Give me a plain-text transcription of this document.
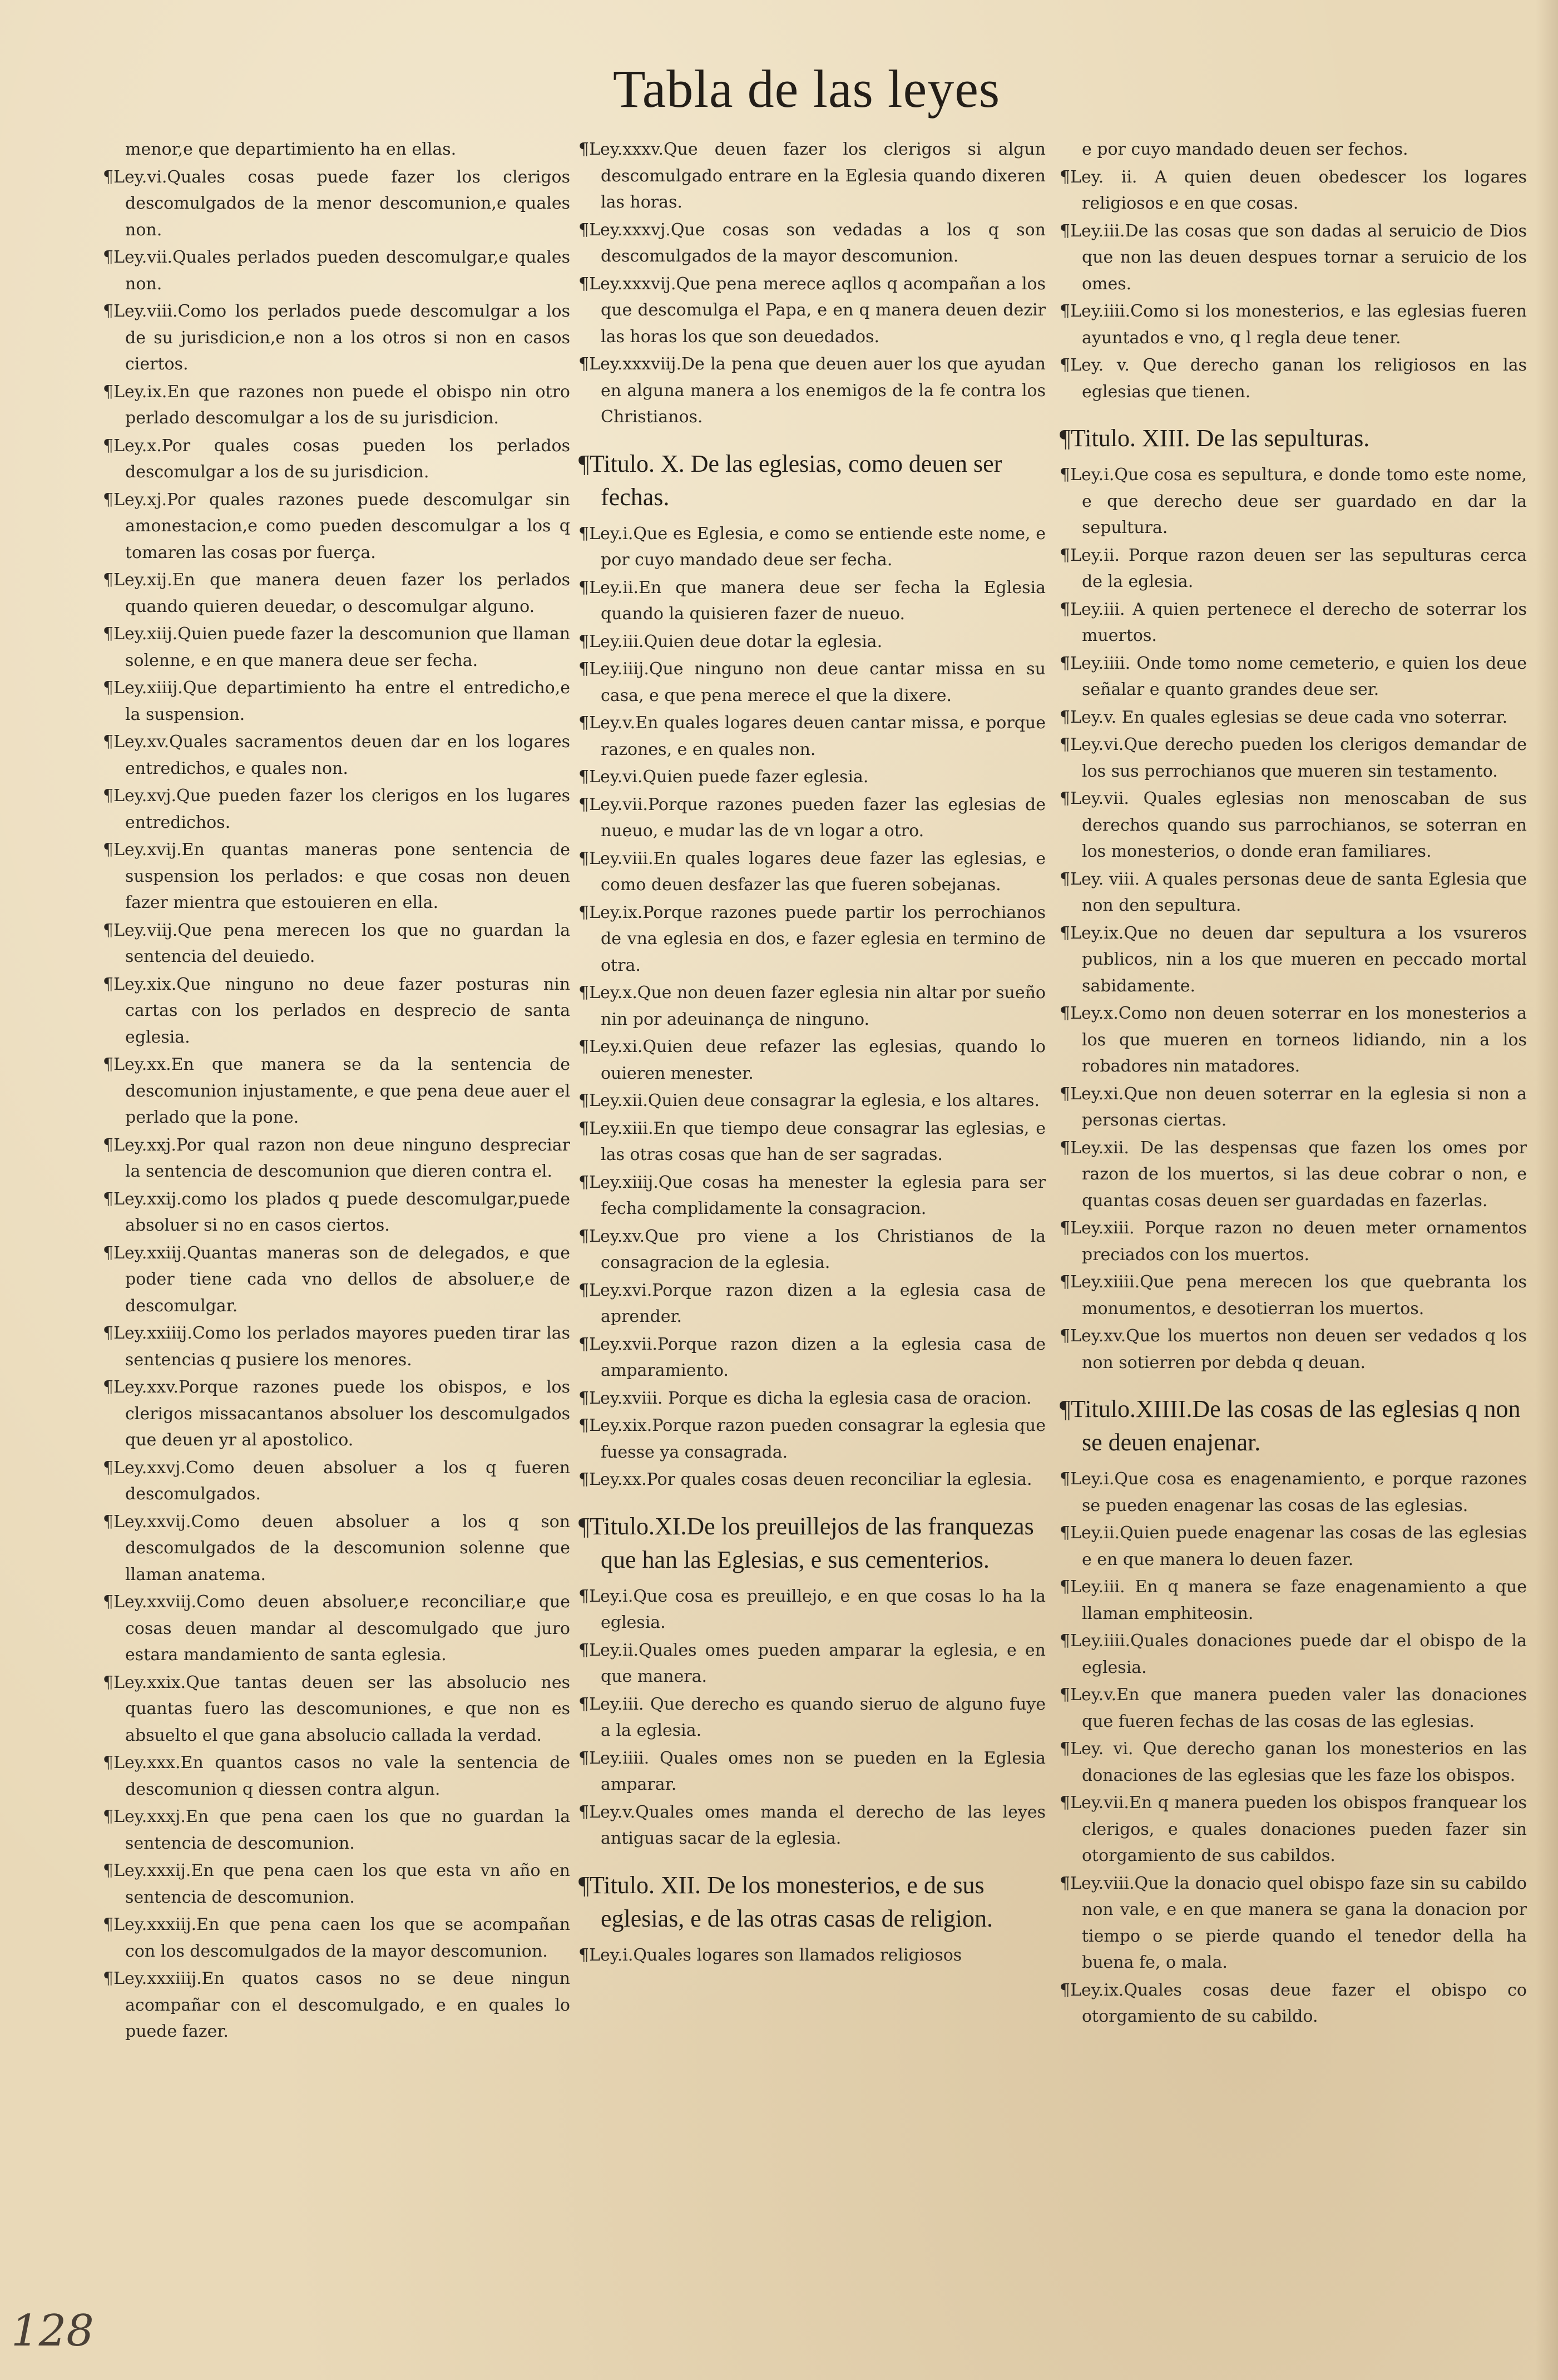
Tabla de las leyes
menor,e que departimiento ha en ellas.
¶Ley.vi.Quales cosas puede fazer los clerigos descomulgados de la menor descomunion,e quales non.
¶Ley.vii.Quales perlados pueden descomulgar,e quales non.
¶Ley.viii.Como los perlados puede descomulgar a los de su jurisdicion,e non a los otros si non en casos ciertos.
¶Ley.ix.En que razones non puede el obispo nin otro perlado descomulgar a los de su jurisdicion.
¶Ley.x.Por quales cosas pueden los perlados descomulgar a los de su jurisdicion.
¶Ley.xj.Por quales razones puede descomulgar sin amonestacion,e como pueden descomulgar a los q tomaren las cosas por fuerça.
¶Ley.xij.En que manera deuen fazer los perlados quando quieren deuedar, o descomulgar alguno.
¶Ley.xiij.Quien puede fazer la descomunion que llaman solenne, e en que manera deue ser fecha.
¶Ley.xiiij.Que departimiento ha entre el entredicho,e la suspension.
¶Ley.xv.Quales sacramentos deuen dar en los logares entredichos, e quales non.
¶Ley.xvj.Que pueden fazer los clerigos en los lugares entredichos.
¶Ley.xvij.En quantas maneras pone sentencia de suspension los perlados: e que cosas non deuen fazer mientra que estouieren en ella.
¶Ley.viij.Que pena merecen los que no guardan la sentencia del deuiedo.
¶Ley.xix.Que ninguno no deue fazer posturas nin cartas con los perlados en desprecio de santa eglesia.
¶Ley.xx.En que manera se da la sentencia de descomunion injustamente, e que pena deue auer el perlado que la pone.
¶Ley.xxj.Por qual razon non deue ninguno despreciar la sentencia de descomunion que dieren contra el.
¶Ley.xxij.como los plados q puede descomulgar,puede absoluer si no en casos ciertos.
¶Ley.xxiij.Quantas maneras son de delegados, e que poder tiene cada vno dellos de absoluer,e de descomulgar.
¶Ley.xxiiij.Como los perlados mayores pueden tirar las sentencias q pusiere los menores.
¶Ley.xxv.Porque razones puede los obispos, e los clerigos missacantanos absoluer los descomulgados que deuen yr al apostolico.
¶Ley.xxvj.Como deuen absoluer a los q fueren descomulgados.
¶Ley.xxvij.Como deuen absoluer a los q son descomulgados de la descomunion solenne que llaman anatema.
¶Ley.xxviij.Como deuen absoluer,e reconciliar,e que cosas deuen mandar al descomulgado que juro estara mandamiento de santa eglesia.
¶Ley.xxix.Que tantas deuen ser las absolucio nes quantas fuero las descomuniones, e que non es absuelto el que gana absolucio callada la verdad.
¶Ley.xxx.En quantos casos no vale la sentencia de descomunion q diessen contra algun.
¶Ley.xxxj.En que pena caen los que no guardan la sentencia de descomunion.
¶Ley.xxxij.En que pena caen los que esta vn año en sentencia de descomunion.
¶Ley.xxxiij.En que pena caen los que se acompañan con los descomulgados de la mayor descomunion.
¶Ley.xxxiiij.En quatos casos no se deue ningun acompañar con el descomulgado, e en quales lo puede fazer.
¶Ley.xxxv.Que deuen fazer los clerigos si algun descomulgado entrare en la Eglesia quando dixeren las horas.
¶Ley.xxxvj.Que cosas son vedadas a los q son descomulgados de la mayor descomunion.
¶Ley.xxxvij.Que pena merece aqllos q acompañan a los que descomulga el Papa, e en q manera deuen dezir las horas los que son deuedados.
¶Ley.xxxviij.De la pena que deuen auer los que ayudan en alguna manera a los enemigos de la fe contra los Christianos.
¶Titulo. X. De las eglesias, como deuen ser fechas.
¶Ley.i.Que es Eglesia, e como se entiende este nome, e por cuyo mandado deue ser fecha.
¶Ley.ii.En que manera deue ser fecha la Eglesia quando la quisieren fazer de nueuo.
¶Ley.iii.Quien deue dotar la eglesia.
¶Ley.iiij.Que ninguno non deue cantar missa en su casa, e que pena merece el que la dixere.
¶Ley.v.En quales logares deuen cantar missa, e porque razones, e en quales non.
¶Ley.vi.Quien puede fazer eglesia.
¶Ley.vii.Porque razones pueden fazer las eglesias de nueuo, e mudar las de vn logar a otro.
¶Ley.viii.En quales logares deue fazer las eglesias, e como deuen desfazer las que fueren sobejanas.
¶Ley.ix.Porque razones puede partir los perrochianos de vna eglesia en dos, e fazer eglesia en termino de otra.
¶Ley.x.Que non deuen fazer eglesia nin altar por sueño nin por adeuinança de ninguno.
¶Ley.xi.Quien deue refazer las eglesias, quando lo ouieren menester.
¶Ley.xii.Quien deue consagrar la eglesia, e los altares.
¶Ley.xiii.En que tiempo deue consagrar las eglesias, e las otras cosas que han de ser sagradas.
¶Ley.xiiij.Que cosas ha menester la eglesia para ser fecha complidamente la consagracion.
¶Ley.xv.Que pro viene a los Christianos de la consagracion de la eglesia.
¶Ley.xvi.Porque razon dizen a la eglesia casa de aprender.
¶Ley.xvii.Porque razon dizen a la eglesia casa de amparamiento.
¶Ley.xviii. Porque es dicha la eglesia casa de oracion.
¶Ley.xix.Porque razon pueden consagrar la eglesia que fuesse ya consagrada.
¶Ley.xx.Por quales cosas deuen reconciliar la eglesia.
¶Titulo.XI.De los preuillejos de las franquezas que han las Eglesias, e sus cementerios.
¶Ley.i.Que cosa es preuillejo, e en que cosas lo ha la eglesia.
¶Ley.ii.Quales omes pueden amparar la eglesia, e en que manera.
¶Ley.iii. Que derecho es quando sieruo de alguno fuye a la eglesia.
¶Ley.iiii. Quales omes non se pueden en la Eglesia amparar.
¶Ley.v.Quales omes manda el derecho de las leyes antiguas sacar de la eglesia.
¶Titulo. XII. De los monesterios, e de sus eglesias, e de las otras casas de religion.
¶Ley.i.Quales logares son llamados religiosos
e por cuyo mandado deuen ser fechos.
¶Ley. ii. A quien deuen obedescer los logares religiosos e en que cosas.
¶Ley.iii.De las cosas que son dadas al seruicio de Dios que non las deuen despues tornar a seruicio de los omes.
¶Ley.iiii.Como si los monesterios, e las eglesias fueren ayuntados e vno, q l regla deue tener.
¶Ley. v. Que derecho ganan los religiosos en las eglesias que tienen.
¶Titulo. XIII. De las sepulturas.
¶Ley.i.Que cosa es sepultura, e donde tomo este nome, e que derecho deue ser guardado en dar la sepultura.
¶Ley.ii. Porque razon deuen ser las sepulturas cerca de la eglesia.
¶Ley.iii. A quien pertenece el derecho de soterrar los muertos.
¶Ley.iiii. Onde tomo nome cemeterio, e quien los deue señalar e quanto grandes deue ser.
¶Ley.v. En quales eglesias se deue cada vno soterrar.
¶Ley.vi.Que derecho pueden los clerigos demandar de los sus perrochianos que mueren sin testamento.
¶Ley.vii. Quales eglesias non menoscaban de sus derechos quando sus parrochianos, se soterran en los monesterios, o donde eran familiares.
¶Ley. viii. A quales personas deue de santa Eglesia que non den sepultura.
¶Ley.ix.Que no deuen dar sepultura a los vsureros publicos, nin a los que mueren en peccado mortal sabidamente.
¶Ley.x.Como non deuen soterrar en los monesterios a los que mueren en torneos lidiando, nin a los robadores nin matadores.
¶Ley.xi.Que non deuen soterrar en la eglesia si non a personas ciertas.
¶Ley.xii. De las despensas que fazen los omes por razon de los muertos, si las deue cobrar o non, e quantas cosas deuen ser guardadas en fazerlas.
¶Ley.xiii. Porque razon no deuen meter ornamentos preciados con los muertos.
¶Ley.xiiii.Que pena merecen los que quebranta los monumentos, e desotierran los muertos.
¶Ley.xv.Que los muertos non deuen ser vedados q los non sotierren por debda q deuan.
¶Titulo.XIIII.De las cosas de las eglesias q non se deuen enajenar.
¶Ley.i.Que cosa es enagenamiento, e porque razones se pueden enagenar las cosas de las eglesias.
¶Ley.ii.Quien puede enagenar las cosas de las eglesias e en que manera lo deuen fazer.
¶Ley.iii. En q manera se faze enagenamiento a que llaman emphiteosin.
¶Ley.iiii.Quales donaciones puede dar el obispo de la eglesia.
¶Ley.v.En que manera pueden valer las donaciones que fueren fechas de las cosas de las eglesias.
¶Ley. vi. Que derecho ganan los monesterios en las donaciones de las eglesias que les faze los obispos.
¶Ley.vii.En q manera pueden los obispos franquear los clerigos, e quales donaciones pueden fazer sin otorgamiento de sus cabildos.
¶Ley.viii.Que la donacio quel obispo faze sin su cabildo non vale, e en que manera se gana la donacion por tiempo o se pierde quando el tenedor della ha buena fe, o mala.
¶Ley.ix.Quales cosas deue fazer el obispo co otorgamiento de su cabildo.
128
